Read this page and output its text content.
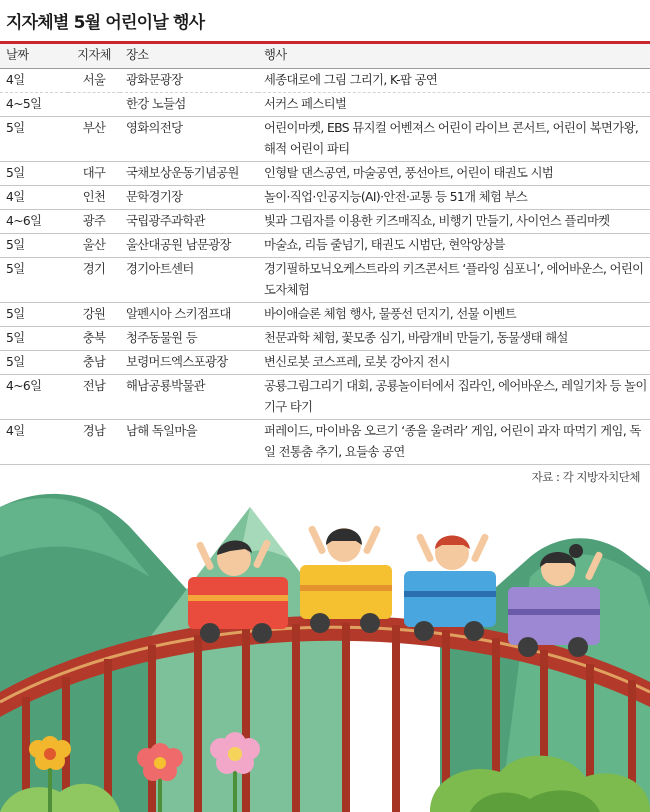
지자체별 5월 어린이날 행사
날짜	지자체	장소	행사
4일	서울	광화문광장	세종대로에 그림 그리기, K-팝 공연
4~5일		한강 노들섬	서커스 페스티벌
5일	부산	영화의전당	어린이마켓, EBS 뮤지컬 어벤져스 어린이 라이브 콘서트, 어린이 복면가왕, 해적 어린이 파티
5일	대구	국채보상운동기념공원	인형탈 댄스공연, 마술공연, 풍선아트, 어린이 태권도 시범
4일	인천	문학경기장	놀이·직업·인공지능(AI)·안전·교통 등 51개 체험 부스
4~6일	광주	국립광주과학관	빛과 그림자를 이용한 키즈매직쇼, 비행기 만들기, 사이언스 플리마켓
5일	울산	울산대공원 남문광장	마술쇼, 리듬 줄넘기, 태권도 시범단, 현악앙상블
5일	경기	경기아트센터	경기필하모닉오케스트라의 키즈콘서트 ‘플라잉 심포니’, 에어바운스, 어린이 도자체험
5일	강원	알펜시아 스키점프대	바이애슬론 체험 행사, 물풍선 던지기, 선물 이벤트
5일	충북	청주동물원 등	천문과학 체험, 꽃모종 심기, 바람개비 만들기, 동물생태 해설
5일	충남	보령머드엑스포광장	변신로봇 코스프레, 로봇 강아지 전시
4~6일	전남	해남공룡박물관	공룡그림그리기 대회, 공룡놀이터에서 집라인, 에어바운스, 레일기차 등 놀이기구 타기
4일	경남	남해 독일마을	퍼레이드, 마이바움 오르기 ‘종을 울려라’ 게임, 어린이 과자 따먹기 게임, 독일 전통춤 추기, 요들송 공연
자료 : 각 지방자치단체
